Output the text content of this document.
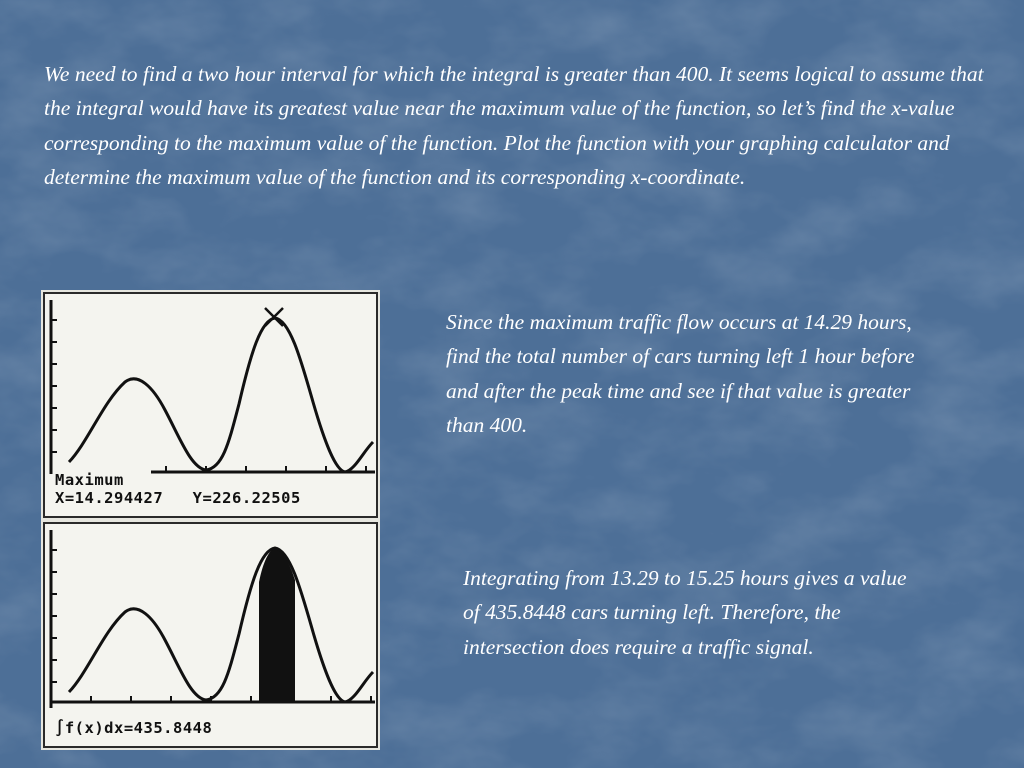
We need to find a two hour interval for which the integral is greater than 400. It seems logical to assume that the integral would have its greatest value near the maximum value of the function, so let’s find the x-value corresponding to the maximum value of the function. Plot the function with your graphing calculator and determine the maximum value of the function and its corresponding x-coordinate.

Maximum

X=14.294427 Y=226.22505

∫f(x)dx=435.8448

Since the maximum traffic flow occurs at 14.29 hours, find the total number of cars turning left 1 hour before and after the peak time and see if that value is greater than 400.

Integrating from 13.29 to 15.25 hours gives a value of 435.8448 cars turning left. Therefore, the intersection does require a traffic signal.
